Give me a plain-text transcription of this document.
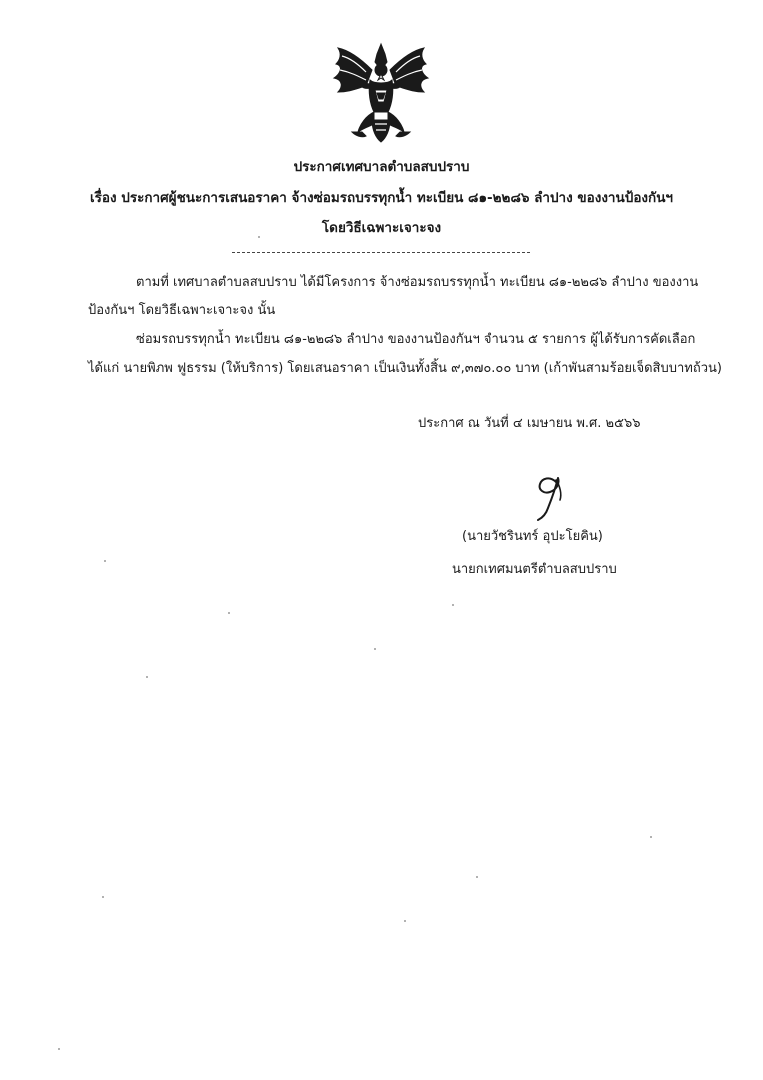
ประกาศเทศบาลตำบลสบปราบ
เรื่อง ประกาศผู้ชนะการเสนอราคา จ้างซ่อมรถบรรทุกน้ำ ทะเบียน ๘๑-๒๒๘๖ ลำปาง ของงานป้องกันฯ
โดยวิธีเฉพาะเจาะจง
ตามที่ เทศบาลตำบลสบปราบ ได้มีโครงการ จ้างซ่อมรถบรรทุกน้ำ ทะเบียน ๘๑-๒๒๘๖ ลำปาง ของงาน
ป้องกันฯ โดยวิธีเฉพาะเจาะจง นั้น
ซ่อมรถบรรทุกน้ำ ทะเบียน ๘๑-๒๒๘๖ ลำปาง ของงานป้องกันฯ จำนวน ๕ รายการ ผู้ได้รับการคัดเลือก
ได้แก่ นายพิภพ ฟูธรรม (ให้บริการ) โดยเสนอราคา เป็นเงินทั้งสิ้น ๙,๓๗๐.๐๐ บาท (เก้าพันสามร้อยเจ็ดสิบบาทถ้วน)
ประกาศ ณ วันที่ ๔ เมษายน พ.ศ. ๒๕๖๖
(นายวัชรินทร์ อุปะโยคิน)
นายกเทศมนตรีตำบลสบปราบ
